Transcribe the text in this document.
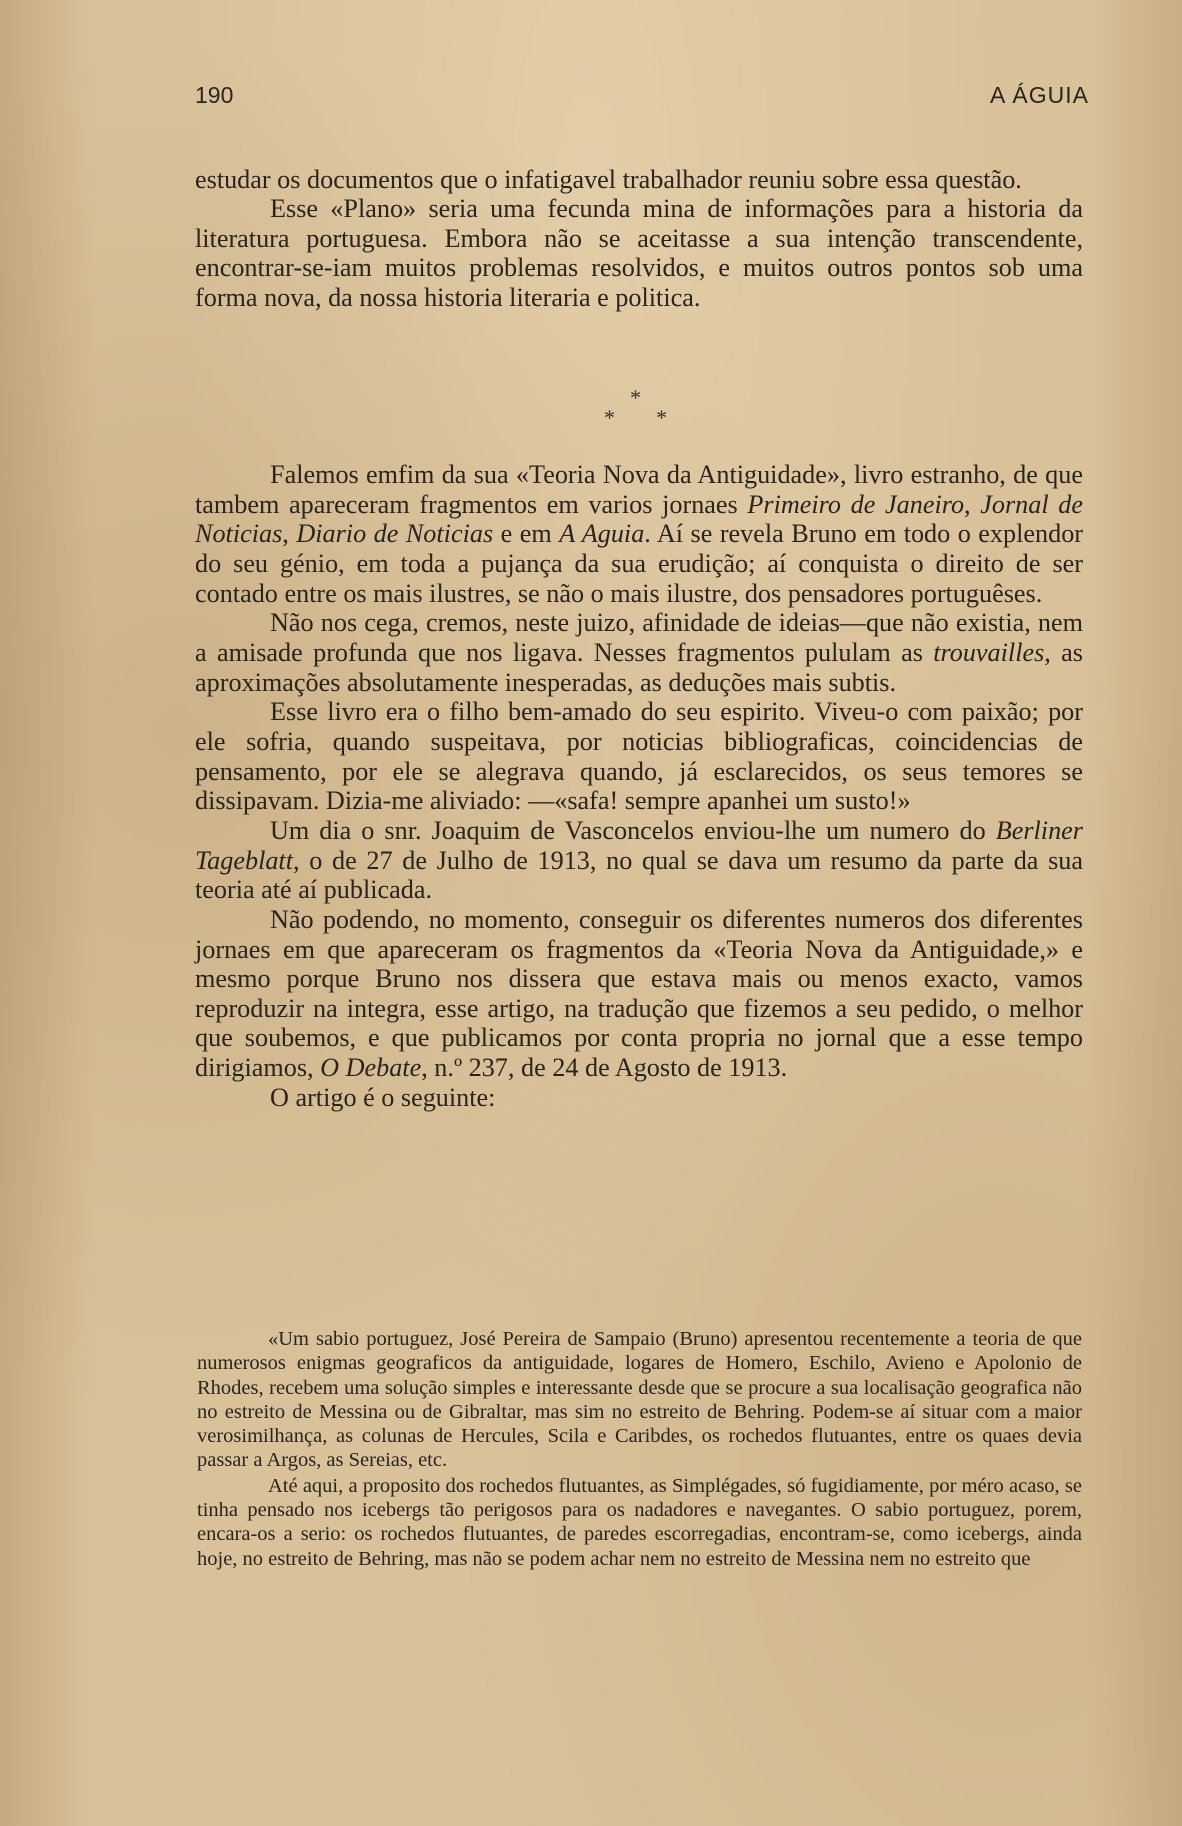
190	A ÁGUIA

estudar os documentos que o infatigavel trabalhador reuniu sobre essa questão.

Esse «Plano» seria uma fecunda mina de informações para a historia da literatura portuguesa. Embora não se aceitasse a sua intenção transcendente, encontrar-se-iam muitos problemas resolvidos, e muitos outros pontos sob uma forma nova, da nossa historia literaria e politica.

*
* *

Falemos emfim da sua «Teoria Nova da Antiguidade», livro estranho, de que tambem apareceram fragmentos em varios jornaes Primeiro de Janeiro, Jornal de Noticias, Diario de Noticias e em A Aguia. Aí se revela Bruno em todo o explendor do seu génio, em toda a pujança da sua erudição; aí conquista o direito de ser contado entre os mais ilustres, se não o mais ilustre, dos pensadores portuguêses.

Não nos cega, cremos, neste juizo, afinidade de ideias—que não existia, nem a amisade profunda que nos ligava. Nesses fragmentos pululam as trouvailles, as aproximações absolutamente inesperadas, as deduções mais subtis.

Esse livro era o filho bem-amado do seu espirito. Viveu-o com paixão; por ele sofria, quando suspeitava, por noticias bibliograficas, coincidencias de pensamento, por ele se alegrava quando, já esclarecidos, os seus temores se dissipavam. Dizia-me aliviado: —«safa! sempre apanhei um susto!»

Um dia o snr. Joaquim de Vasconcelos enviou-lhe um numero do Berliner Tageblatt, o de 27 de Julho de 1913, no qual se dava um resumo da parte da sua teoria até aí publicada.

Não podendo, no momento, conseguir os diferentes numeros dos diferentes jornaes em que apareceram os fragmentos da «Teoria Nova da Antiguidade,» e mesmo porque Bruno nos dissera que estava mais ou menos exacto, vamos reproduzir na integra, esse artigo, na tradução que fizemos a seu pedido, o melhor que soubemos, e que publicamos por conta propria no jornal que a esse tempo dirigiamos, O Debate, n.º 237, de 24 de Agosto de 1913.

O artigo é o seguinte:

«Um sabio portuguez, José Pereira de Sampaio (Bruno) apresentou recentemente a teoria de que numerosos enigmas geograficos da antiguidade, logares de Homero, Eschilo, Avieno e Apolonio de Rhodes, recebem uma solução simples e interessante desde que se procure a sua localisação geografica não no estreito de Messina ou de Gibraltar, mas sim no estreito de Behring. Podem-se aí situar com a maior verosimilhança, as colunas de Hercules, Scila e Caribdes, os rochedos flutuantes, entre os quaes devia passar a Argos, as Sereias, etc.

Até aqui, a proposito dos rochedos flutuantes, as Simplégades, só fugidiamente, por méro acaso, se tinha pensado nos icebergs tão perigosos para os nadadores e navegantes. O sabio portuguez, porem, encara-os a serio: os rochedos flutuantes, de paredes escorregadias, encontram-se, como icebergs, ainda hoje, no estreito de Behring, mas não se podem achar nem no estreito de Messina nem no estreito que
